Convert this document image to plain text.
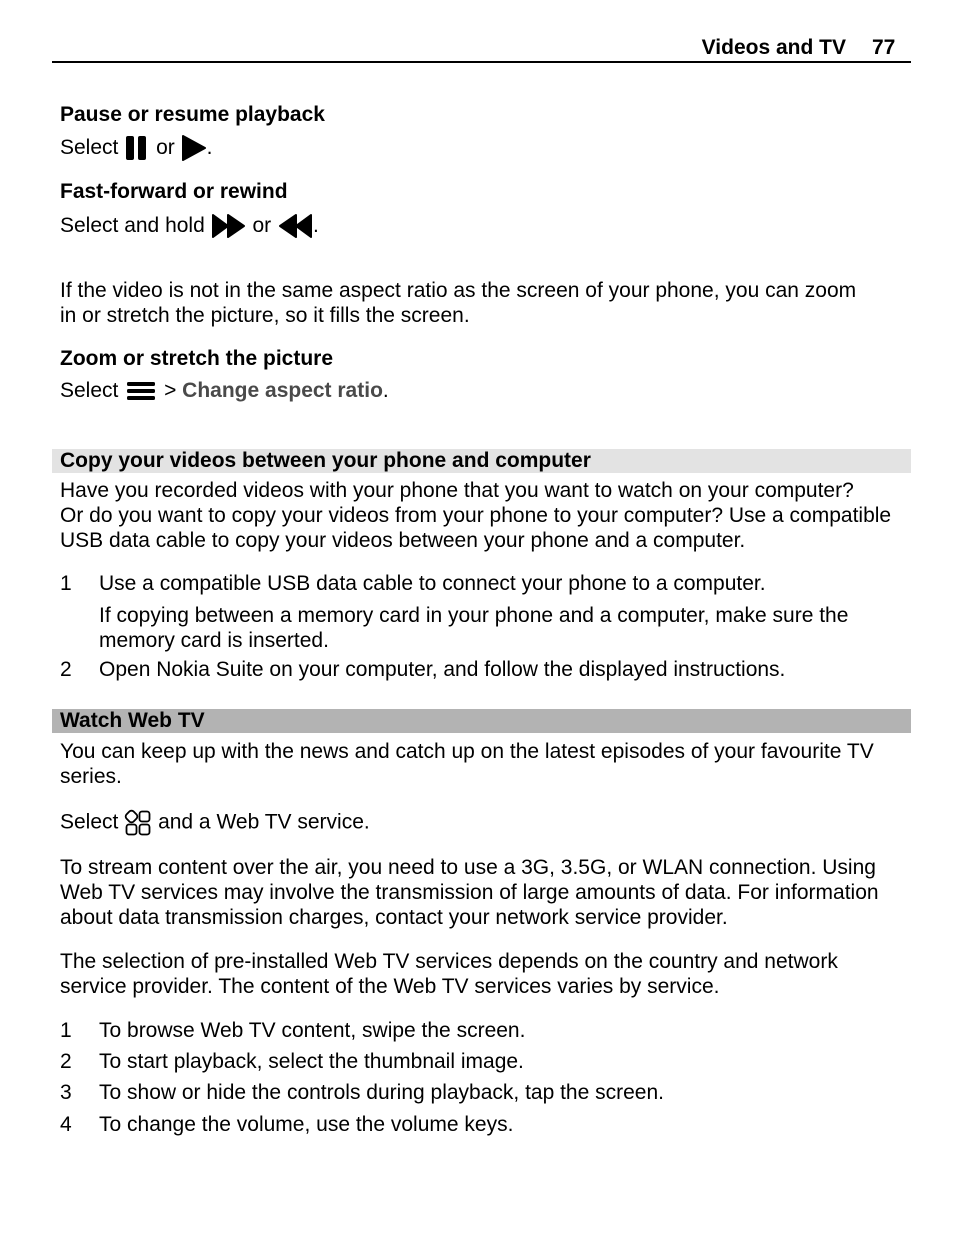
Videos and TV 77
Pause or resume playback
Select or .
Fast-forward or rewind
Select and hold or .
If the video is not in the same aspect ratio as the screen of your phone, you can zoom
in or stretch the picture, so it fills the screen.
Zoom or stretch the picture
Select > Change aspect ratio.
Copy your videos between your phone and computer
Have you recorded videos with your phone that you want to watch on your computer?
Or do you want to copy your videos from your phone to your computer? Use a compatible
USB data cable to copy your videos between your phone and a computer.
1 Use a compatible USB data cable to connect your phone to a computer.
If copying between a memory card in your phone and a computer, make sure the
memory card is inserted.
2 Open Nokia Suite on your computer, and follow the displayed instructions.
Watch Web TV
You can keep up with the news and catch up on the latest episodes of your favourite TV
series.
Select and a Web TV service.
To stream content over the air, you need to use a 3G, 3.5G, or WLAN connection. Using
Web TV services may involve the transmission of large amounts of data. For information
about data transmission charges, contact your network service provider.
The selection of pre-installed Web TV services depends on the country and network
service provider. The content of the Web TV services varies by service.
1 To browse Web TV content, swipe the screen.
2 To start playback, select the thumbnail image.
3 To show or hide the controls during playback, tap the screen.
4 To change the volume, use the volume keys.
